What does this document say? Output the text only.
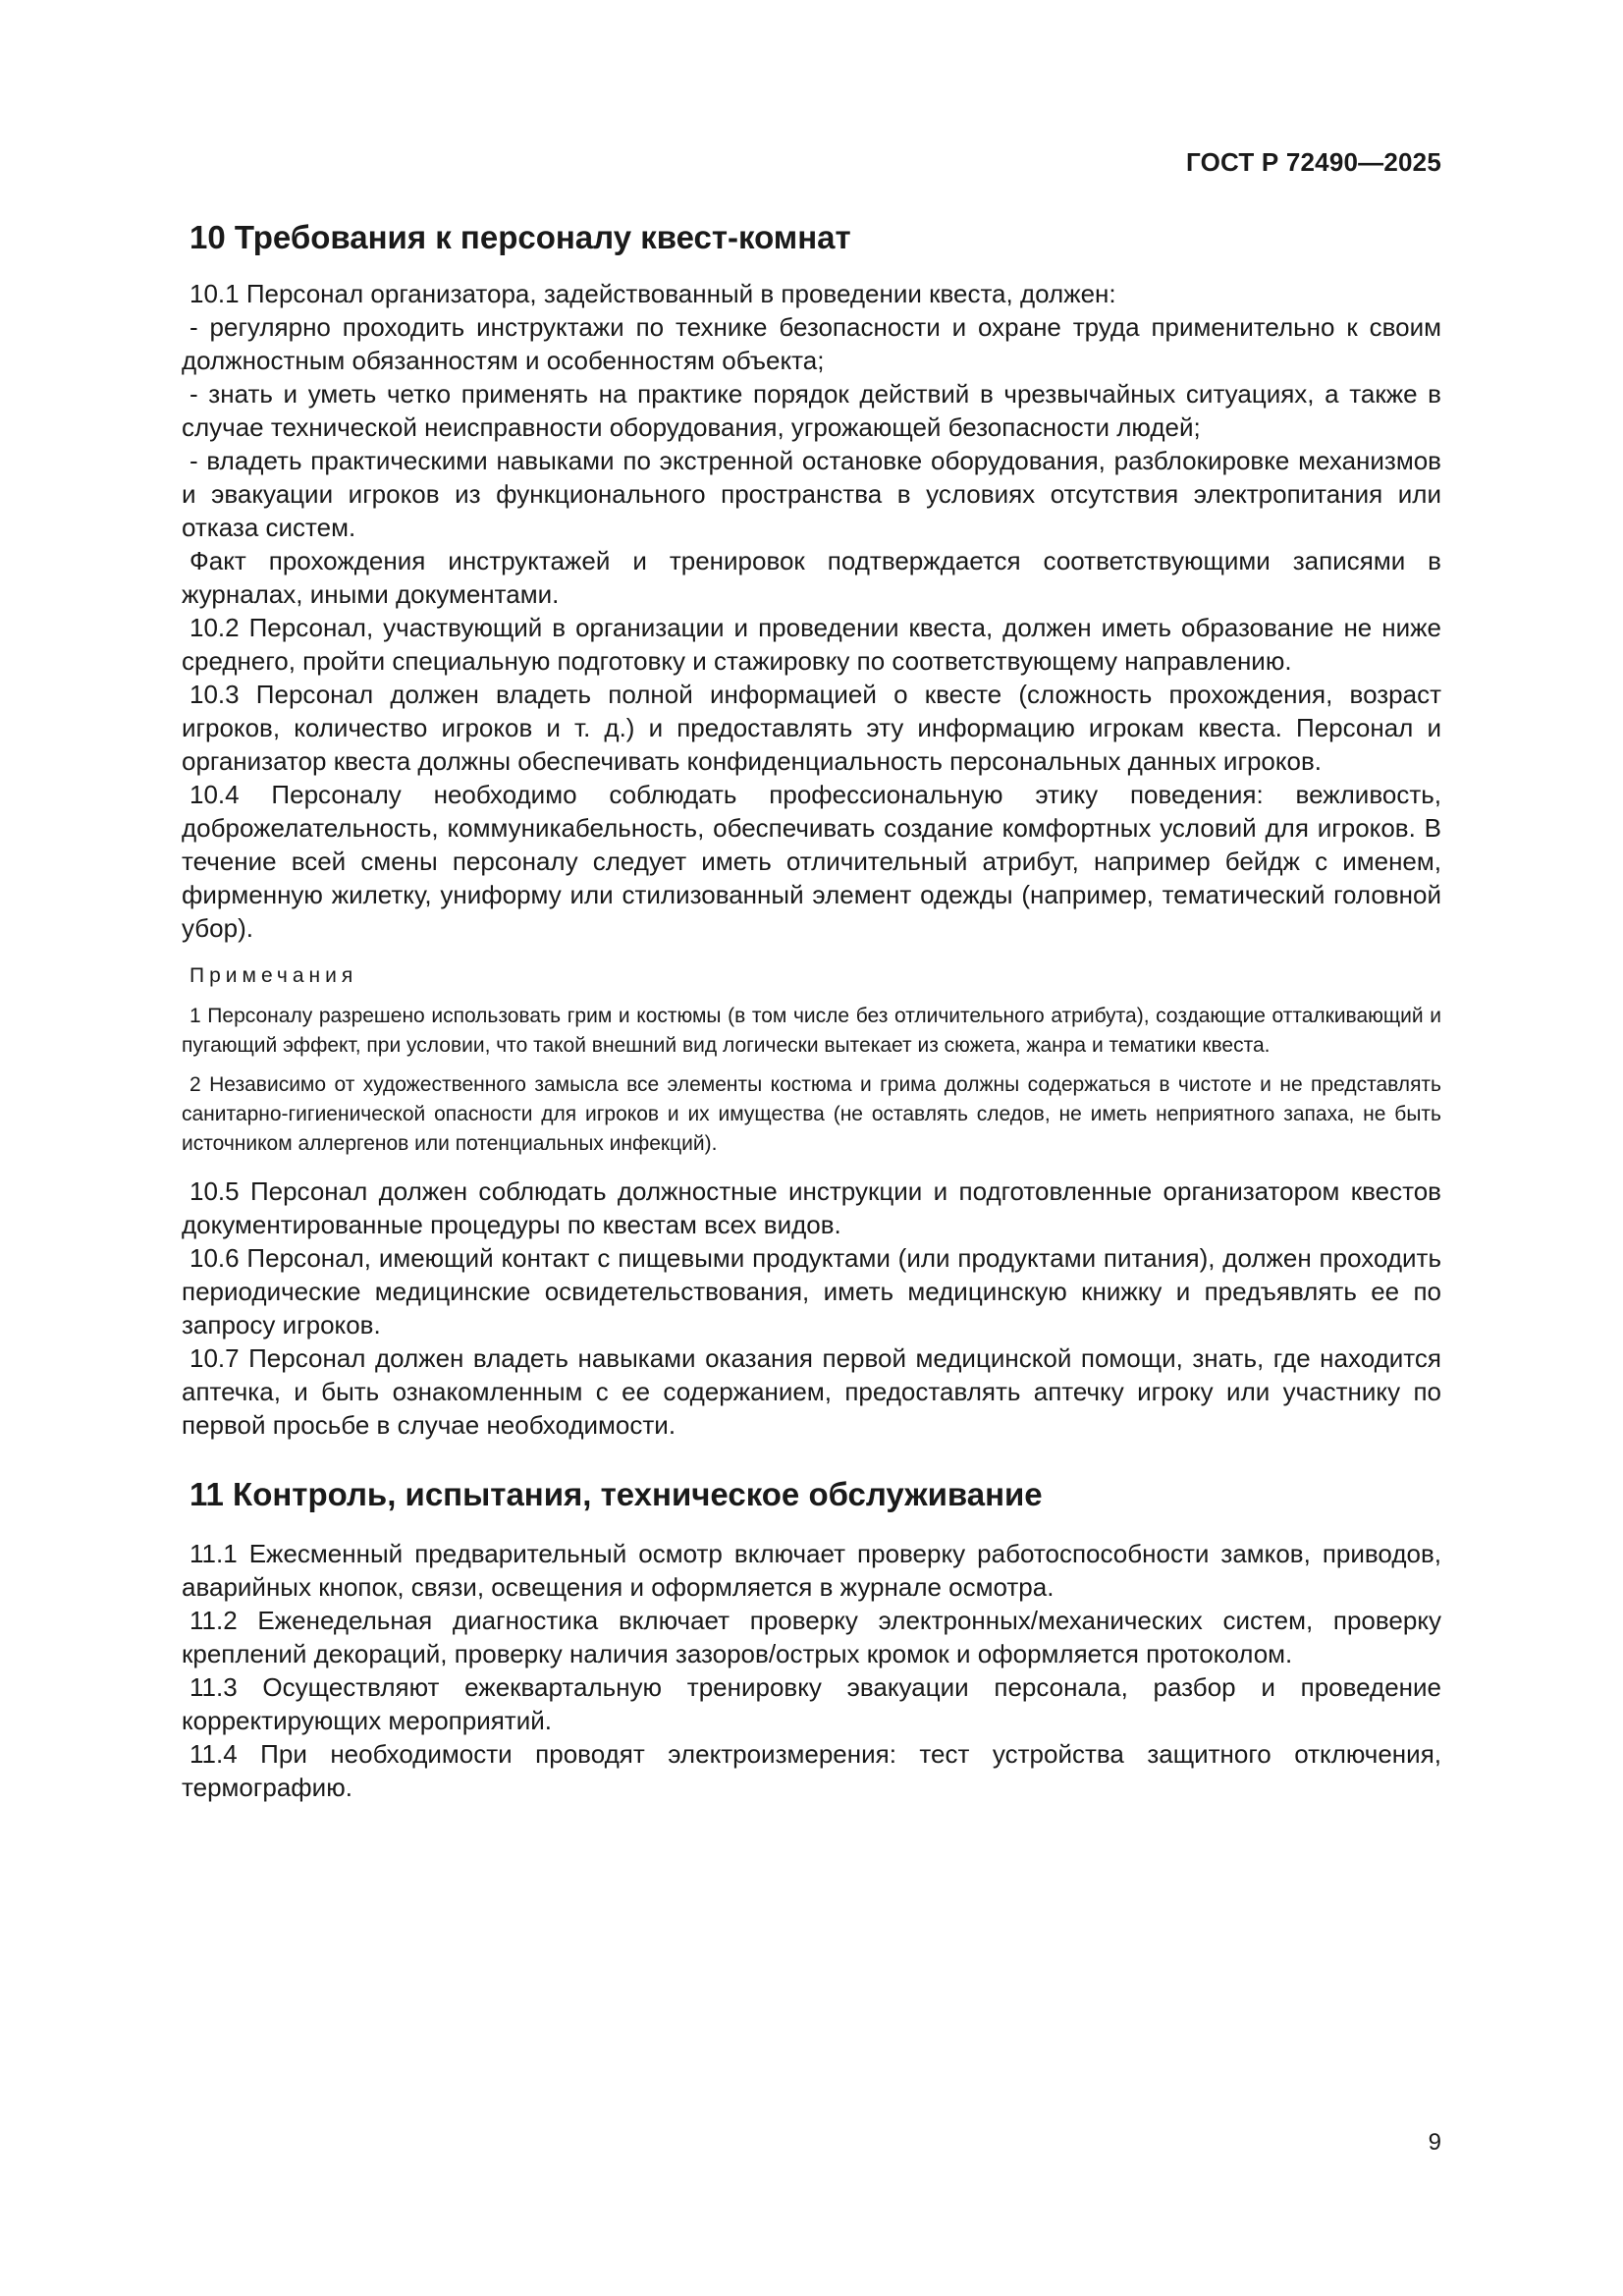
ГОСТ Р 72490—2025
10 Требования к персоналу квест-комнат

10.1 Персонал организатора, задействованный в проведении квеста, должен:

- регулярно проходить инструктажи по технике безопасности и охране труда применительно к своим должностным обязанностям и особенностям объекта;

- знать и уметь четко применять на практике порядок действий в чрезвычайных ситуациях, а также в случае технической неисправности оборудования, угрожающей безопасности людей;

- владеть практическими навыками по экстренной остановке оборудования, разблокировке механизмов и эвакуации игроков из функционального пространства в условиях отсутствия электропитания или отказа систем.

Факт прохождения инструктажей и тренировок подтверждается соответствующими записями в журналах, иными документами.

10.2 Персонал, участвующий в организации и проведении квеста, должен иметь образование не ниже среднего, пройти специальную подготовку и стажировку по соответствующему направлению.

10.3 Персонал должен владеть полной информацией о квесте (сложность прохождения, возраст игроков, количество игроков и т. д.) и предоставлять эту информацию игрокам квеста. Персонал и организатор квеста должны обеспечивать конфиденциальность персональных данных игроков.

10.4 Персоналу необходимо соблюдать профессиональную этику поведения: вежливость, доброжелательность, коммуникабельность, обеспечивать создание комфортных условий для игроков. В течение всей смены персоналу следует иметь отличительный атрибут, например бейдж с именем, фирменную жилетку, униформу или стилизованный элемент одежды (например, тематический головной убор).

Примечания

1 Персоналу разрешено использовать грим и костюмы (в том числе без отличительного атрибута), создающие отталкивающий и пугающий эффект, при условии, что такой внешний вид логически вытекает из сюжета, жанра и тематики квеста.

2 Независимо от художественного замысла все элементы костюма и грима должны содержаться в чистоте и не представлять санитарно-гигиенической опасности для игроков и их имущества (не оставлять следов, не иметь неприятного запаха, не быть источником аллергенов или потенциальных инфекций).

10.5 Персонал должен соблюдать должностные инструкции и подготовленные организатором квестов документированные процедуры по квестам всех видов.

10.6 Персонал, имеющий контакт с пищевыми продуктами (или продуктами питания), должен проходить периодические медицинские освидетельствования, иметь медицинскую книжку и предъявлять ее по запросу игроков.

10.7 Персонал должен владеть навыками оказания первой медицинской помощи, знать, где находится аптечка, и быть ознакомленным с ее содержанием, предоставлять аптечку игроку или участнику по первой просьбе в случае необходимости.

11 Контроль, испытания, техническое обслуживание

11.1 Ежесменный предварительный осмотр включает проверку работоспособности замков, приводов, аварийных кнопок, связи, освещения и оформляется в журнале осмотра.

11.2 Еженедельная диагностика включает проверку электронных/механических систем, проверку креплений декораций, проверку наличия зазоров/острых кромок и оформляется протоколом.

11.3 Осуществляют ежеквартальную тренировку эвакуации персонала, разбор и проведение корректирующих мероприятий.

11.4 При необходимости проводят электроизмерения: тест устройства защитного отключения, термографию.

9
